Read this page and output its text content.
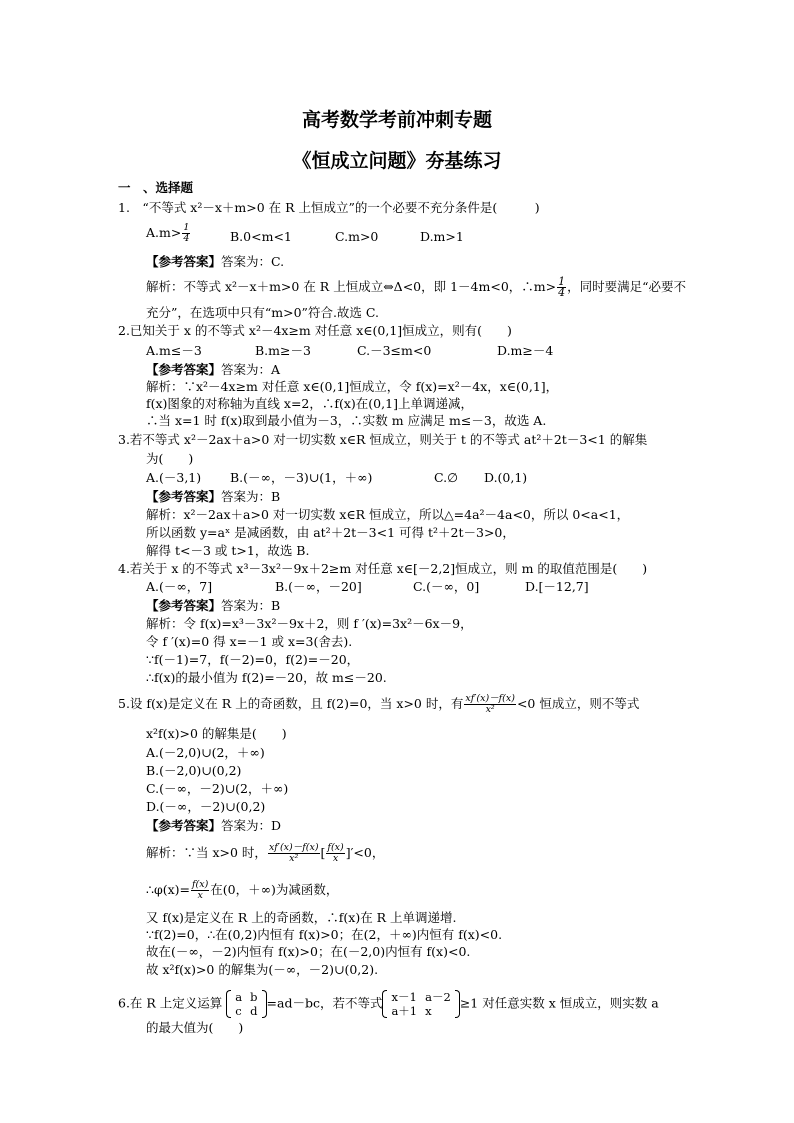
高考数学考前冲刺专题
《恒成立问题》夯基练习
一　、选择题
1.　“不等式 x²－x＋m>0 在 R 上恒成立”的一个必要不充分条件是(　　　)
$A.m> \frac{1}{4}$	B.0<m<1	C.m>0	D.m>1
【参考答案】答案为：C.
解析：不等式 x²－x＋m>0 在 R 上恒成立⇔Δ<0，即 1－4m<0，∴m> $\frac{1}{4}$ ，同时要满足“必要不
充分”，在选项中只有“m>0”符合.故选 C.
2.已知关于 x 的不等式 x²－4x≥m 对任意 x∈(0,1]恒成立，则有(　　)
A.m≤－3	B.m≥－3	C.－3≤m<0	D.m≥－4
【参考答案】答案为：A
解析：∵x²－4x≥m 对任意 x∈(0,1]恒成立，令 f(x)=x²－4x，x∈(0,1]，
f(x)图象的对称轴为直线 x=2，∴f(x)在(0,1]上单调递减，
∴当 x=1 时 f(x)取到最小值为－3，∴实数 m 应满足 m≤－3，故选 A.
3.若不等式 x²－2ax＋a>0 对一切实数 x∈R 恒成立，则关于 t 的不等式 at²＋2t－3<1 的解集
为(　　)
A.(－3,1) B.(－∞，－3)∪(1，＋∞)	C.∅ D.(0,1)
【参考答案】答案为：B
解析：x²－2ax＋a>0 对一切实数 x∈R 恒成立，所以△=4a²－4a<0，所以 0<a<1，
所以函数 y=aˣ 是减函数，由 at²＋2t－3<1 可得 t²＋2t－3>0，
解得 t<－3 或 t>1，故选 B.
4.若关于 x 的不等式 x³－3x²－9x＋2≥m 对任意 x∈[－2,2]恒成立，则 m 的取值范围是(　　)
A.(－∞，7]	B.(－∞，－20]	C.(－∞，0]	D.[－12,7]
【参考答案】答案为：B
解析：令 f(x)=x³－3x²－9x＋2，则 f ′(x)=3x²－6x－9，
令 f ′(x)=0 得 x=－1 或 x=3(舍去).
∵f(－1)=7，f(－2)=0，f(2)=－20，
∴f(x)的最小值为 f(2)=－20，故 m≤－20.
5.设 f(x)是定义在 R 上的奇函数，且 f(2)=0，当 x>0 时，有 $\frac{xf'(x)-f(x)}{\text{x²}} <0$ 恒成立，则不等式
x²f(x)>0 的解集是(　　)
A.(－2,0)∪(2，＋∞)
B.(－2,0)∪(0,2)
C.(－∞，－2)∪(2，＋∞)
D.(－∞，－2)∪(0,2)
【参考答案】答案为：D
解析：∵当 x>0 时， $\frac{xf'(x)-f(x)}{\text{x²}}$ [ $\frac{f(x)}{x} ]'<0$，
∴φ(x)= $\frac{f(x)}{x}$ 在(0，＋∞)为减函数，
又 f(x)是定义在 R 上的奇函数，∴f(x)在 R 上单调递增.
∵f(2)=0，∴在(0,2)内恒有 f(x)>0；在(2，＋∞)内恒有 f(x)<0.
故在(－∞，－2)内恒有 f(x)>0；在(－2,0)内恒有 f(x)<0.
故 x²f(x)>0 的解集为(－∞，－2)∪(0,2).
6.在 R 上定义运算 a	b
c	d
=ad－bc，若不等式 x－1	a－2
a＋1	x
≥1 对任意实数 x 恒成立，则实数 a
的最大值为(　　)
